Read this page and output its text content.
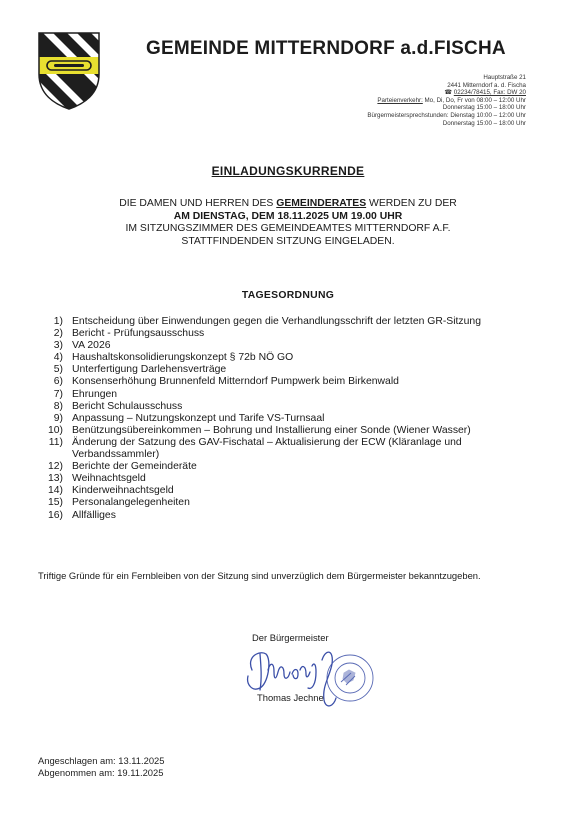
GEMEINDE MITTERNDORF a.d.FISCHA
Hauptstraße 21
2441 Mitterndorf a. d. Fischa
☎ 02234/78415, Fax: DW 20
Parteienverkehr: Mo, Di, Do, Fr von 08:00 – 12:00 Uhr
Donnerstag 15:00 – 18:00 Uhr
Bürgermeistersprechstunden: Dienstag 10:00 – 12:00 Uhr
Donnerstag 15:00 – 18:00 Uhr
EINLADUNGSKURRENDE
DIE DAMEN UND HERREN DES GEMEINDERATES WERDEN ZU DER
AM DIENSTAG, DEM 18.11.2025 UM 19.00 UHR
IM SITZUNGSZIMMER DES GEMEINDEAMTES MITTERNDORF A.F.
STATTFINDENDEN SITZUNG EINGELADEN.
TAGESORDNUNG
1) Entscheidung über Einwendungen gegen die Verhandlungsschrift der letzten GR-Sitzung
2) Bericht - Prüfungsausschuss
3) VA 2026
4) Haushaltskonsolidierungskonzept § 72b NÖ GO
5) Unterfertigung Darlehensverträge
6) Konsenserhöhung Brunnenfeld Mitterndorf Pumpwerk beim Birkenwald
7) Ehrungen
8) Bericht Schulausschuss
9) Anpassung – Nutzungskonzept und Tarife VS-Turnsaal
10) Benützungsübereinkommen – Bohrung und Installierung einer Sonde (Wiener Wasser)
11) Änderung der Satzung des GAV-Fischatal – Aktualisierung der ECW (Kläranlage und Verbandssammler)
12) Berichte der Gemeinderäte
13) Weihnachtsgeld
14) Kinderweihnachtsgeld
15) Personalangelegenheiten
16) Allfälliges
Triftige Gründe für ein Fernbleiben von der Sitzung sind unverzüglich dem Bürgermeister bekanntzugeben.
Der Bürgermeister
Thomas Jechne
Angeschlagen am: 13.11.2025
Abgenommen am: 19.11.2025
